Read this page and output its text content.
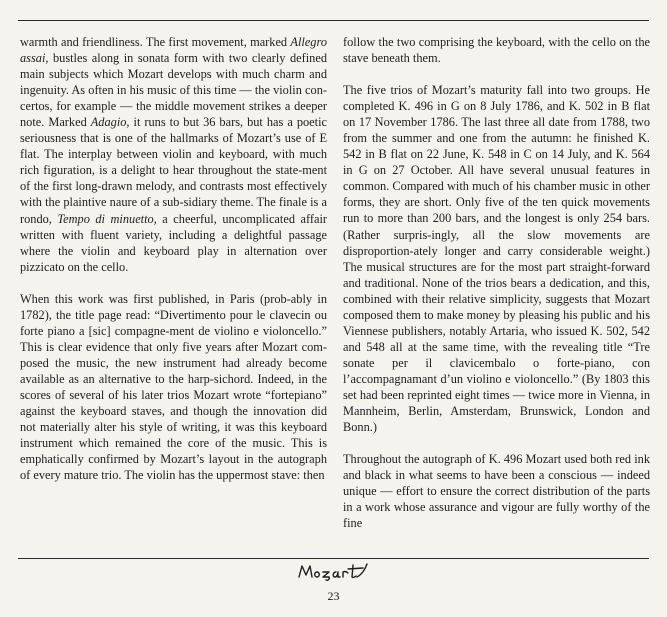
warmth and friendliness. The first movement, marked Allegro assai, bustles along in sonata form with two clearly defined main subjects which Mozart develops with much charm and ingenuity. As often in his music of this time — the violin con-​certos, for example — the middle movement strikes a deeper note. Marked Adagio, it runs to but 36 bars, but has a poetic seriousness that is one of the hallmarks of Mozart’s use of E flat. The interplay between violin and keyboard, with much rich figuration, is a delight to hear throughout the state-​ment of the first long-drawn melody, and contrasts most effectively with the plaintive naure of a sub-​sidiary theme. The finale is a rondo, Tempo di minuetto, a cheerful, uncomplicated affair written with fluent variety, including a delightful passage where the violin and keyboard play in alternation over pizzicato on the cello.

When this work was first published, in Paris (prob-​ably in 1782), the title page read: “Divertimento pour le clavecin ou forte piano a [sic] compagne-​ment de violino e violoncello.” This is clear evidence that only five years after Mozart com-​posed the music, the new instrument had already become available as an alternative to the harp-​sichord. Indeed, in the scores of several of his later trios Mozart wrote “fortepiano” against the keyboard staves, and though the innovation did not materially alter his style of writing, it was this keyboard instrument which remained the core of the music. This is emphatically confirmed by Mozart’s layout in the autograph of every mature trio. The violin has the uppermost stave: then

follow the two comprising the keyboard, with the cello on the stave beneath them.

The five trios of Mozart’s maturity fall into two groups. He completed K. 496 in G on 8 July 1786, and K. 502 in B flat on 17 November 1786. The last three all date from 1788, two from the summer and one from the autumn: he finished K. 542 in B flat on 22 June, K. 548 in C on 14 July, and K. 564 in G on 27 October. All have several unusual features in common. Compared with much of his chamber music in other forms, they are short. Only five of the ten quick movements run to more than 200 bars, and the longest is only 254 bars. (Rather surpris-​ingly, all the slow movements are disproportion-​ately longer and carry considerable weight.) The musical structures are for the most part straight-​forward and traditional. None of the trios bears a dedication, and this, combined with their relative simplicity, suggests that Mozart composed them to make money by pleasing his public and his Viennese publishers, notably Artaria, who issued K. 502, 542 and 548 all at the same time, with the revealing title “Tre sonate per il clavicembalo o forte-piano, con l’accompagnamant d’un violino e violoncello.” (By 1803 this set had been reprinted eight times — twice more in Vienna, in Mannheim, Berlin, Amsterdam, Brunswick, London and Bonn.)

Throughout the autograph of K. 496 Mozart used both red ink and black in what seems to have been a conscious — indeed unique — effort to ensure the correct distribution of the parts in a work whose assurance and vigour are fully worthy of the fine

23
